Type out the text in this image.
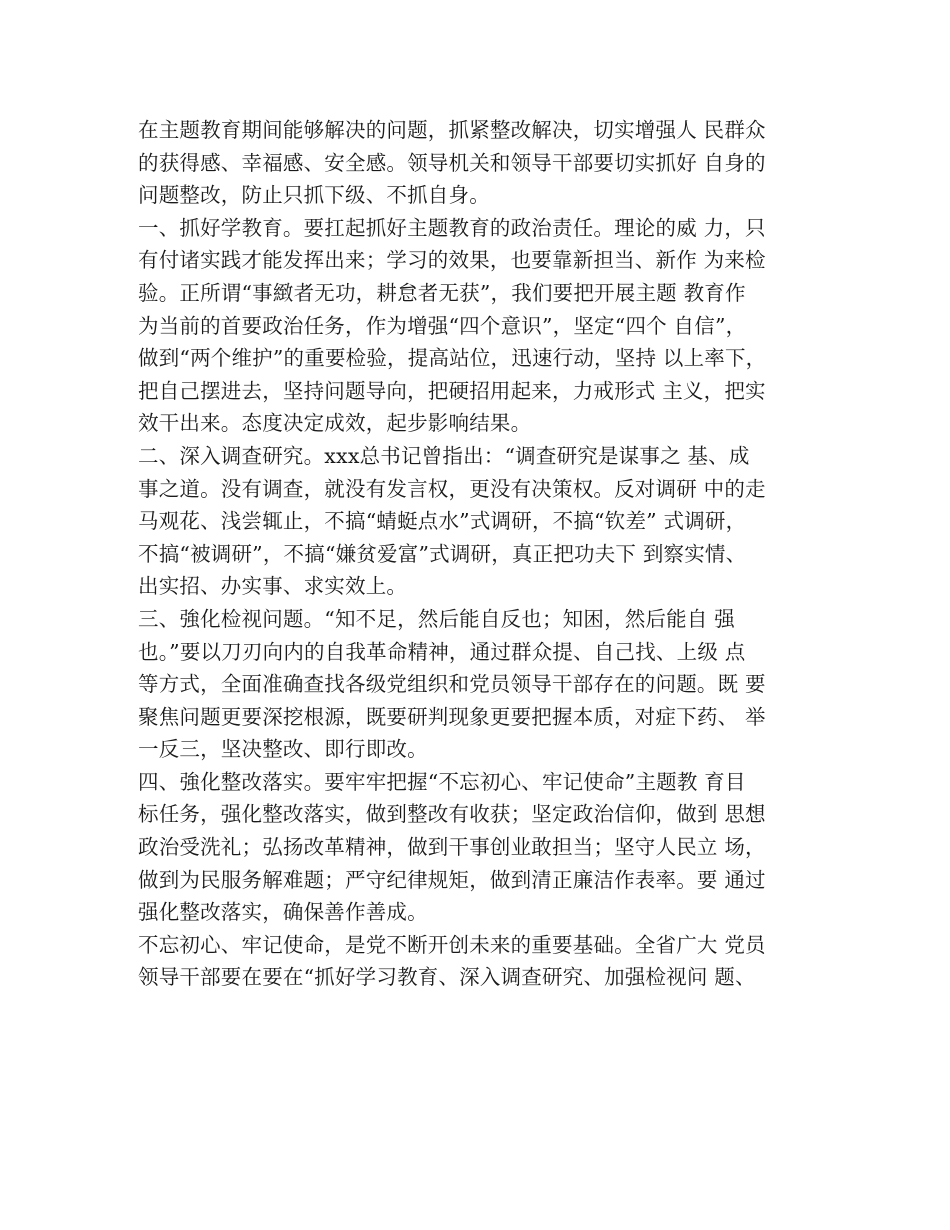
在主题教育期间能够解决的问题，抓紧整改解决，切实增强人 民群众
的获得感、幸福感、安全感。领导机关和领导干部要切实抓好 自身的
问题整改，防止只抓下级、不抓自身。
一、抓好学教育。要扛起抓好主题教育的政治责任。理论的威 力，只
有付诸实践才能发挥出来；学习的效果，也要靠新担当、新作 为来检
验。正所谓“事緻者无功，耕怠者无获”，我们要把开展主题 教育作
为当前的首要政治任务，作为增强“四个意识”，坚定“四个 自信”，
做到“两个维护”的重要检验，提高站位，迅速行动，坚持 以上率下，
把自己摆进去，坚持问题导向，把硬招用起来，力戒形式 主义，把实
效干出来。态度决定成效，起步影响结果。
二、深入调查研究。xxx总书记曾指出：“调查研究是谋事之 基、成
事之道。没有调查，就没有发言权，更没有决策权。反对调研 中的走
马观花、浅尝辄止，不搞“蜻蜓点水”式调研，不搞“钦差” 式调研，
不搞“被调研”，不搞“嫌贫爱富”式调研，真正把功夫下 到察实情、
出实招、办实事、求实效上。
三、強化检视问题。“知不足，然后能自反也；知困，然后能自 强
也。”要以刀刃向内的自我革命精神，通过群众提、自己找、上级 点
等方式，全面准确查找各级党组织和党员领导干部存在的问题。既 要
聚焦问题更要深挖根源，既要研判现象更要把握本质，对症下药、 举
一反三，坚决整改、即行即改。
四、強化整改落实。要牢牢把握“不忘初心、牢记使命”主题教 育目
标任务，强化整改落实，做到整改有收获；坚定政治信仰，做到 思想
政治受洗礼；弘扬改革精神，做到干事创业敢担当；坚守人民立 场，
做到为民服务解难题；严守纪律规矩，做到清正廉洁作表率。要 通过
强化整改落实，确保善作善成。
不忘初心、牢记使命，是党不断开创未来的重要基础。全省广大 党员
领导干部要在要在“抓好学习教育、深入调查研究、加强检视问 题、
